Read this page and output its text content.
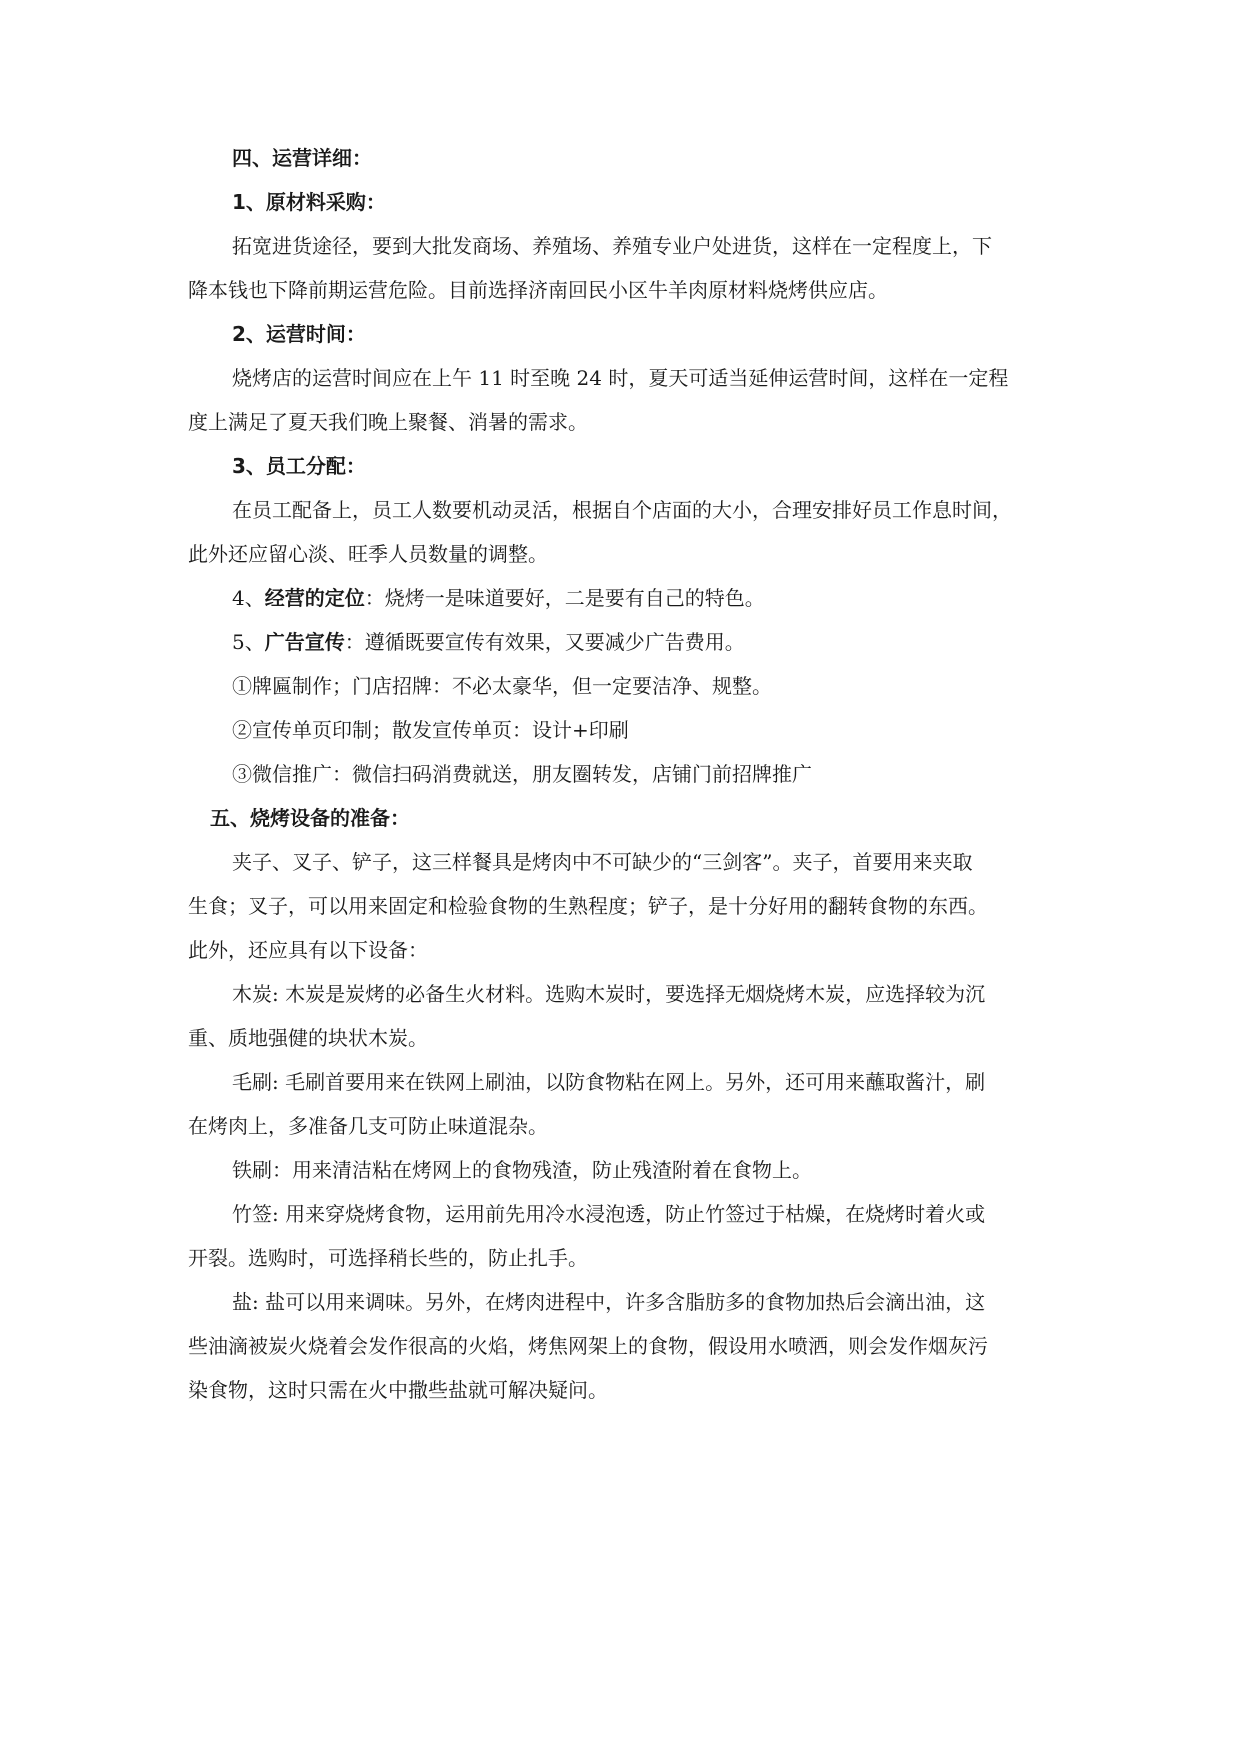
四、运营详细：
1、原材料采购：
拓宽进货途径，要到大批发商场、养殖场、养殖专业户处进货，这样在一定程度上，下
降本钱也下降前期运营危险。目前选择济南回民小区牛羊肉原材料烧烤供应店。
2、运营时间：
烧烤店的运营时间应在上午 11 时至晚 24 时，夏天可适当延伸运营时间，这样在一定程
度上满足了夏天我们晚上聚餐、消暑的需求。
3、员工分配：
在员工配备上，员工人数要机动灵活，根据自个店面的大小，合理安排好员工作息时间，
此外还应留心淡、旺季人员数量的调整。
4、经营的定位：烧烤一是味道要好，二是要有自己的特色。
5、广告宣传：遵循既要宣传有效果，又要减少广告费用。
①牌匾制作；门店招牌：不必太豪华，但一定要洁净、规整。
②宣传单页印制；散发宣传单页：设计+印刷
③微信推广：微信扫码消费就送，朋友圈转发，店铺门前招牌推广
五、烧烤设备的准备：
夹子、叉子、铲子，这三样餐具是烤肉中不可缺少的“三剑客”。夹子，首要用来夹取
生食；叉子，可以用来固定和检验食物的生熟程度；铲子，是十分好用的翻转食物的东西。
此外，还应具有以下设备：
木炭: 木炭是炭烤的必备生火材料。选购木炭时，要选择无烟烧烤木炭，应选择较为沉
重、质地强健的块状木炭。
毛刷: 毛刷首要用来在铁网上刷油，以防食物粘在网上。另外，还可用来蘸取酱汁，刷
在烤肉上，多准备几支可防止味道混杂。
铁刷：用来清洁粘在烤网上的食物残渣，防止残渣附着在食物上。
竹签: 用来穿烧烤食物，运用前先用冷水浸泡透，防止竹签过于枯燥，在烧烤时着火或
开裂。选购时，可选择稍长些的，防止扎手。
盐: 盐可以用来调味。另外，在烤肉进程中，许多含脂肪多的食物加热后会滴出油，这
些油滴被炭火烧着会发作很高的火焰，烤焦网架上的食物，假设用水喷洒，则会发作烟灰污
染食物，这时只需在火中撒些盐就可解决疑问。
